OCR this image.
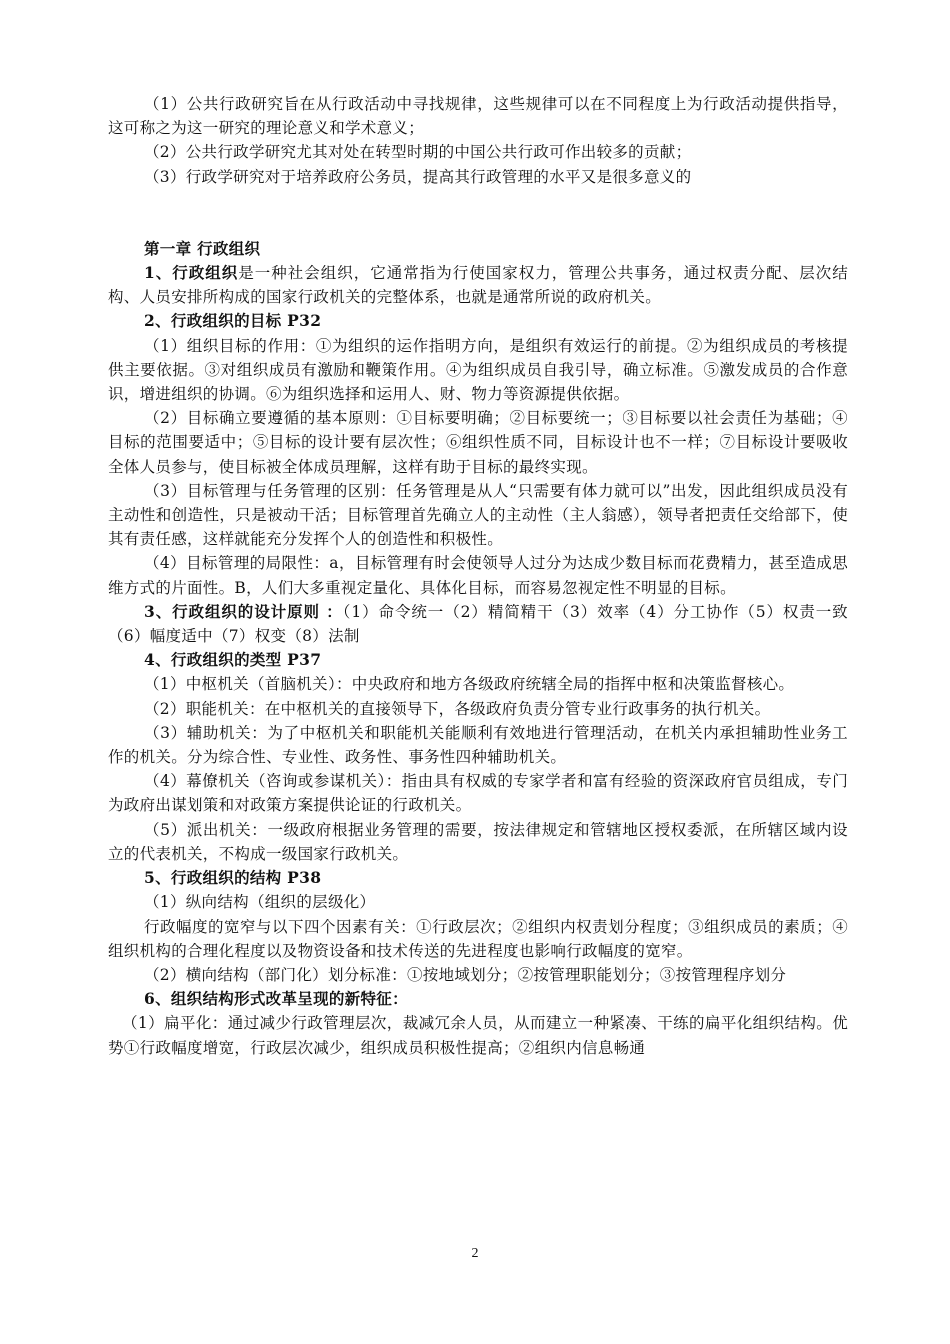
（1）公共行政研究旨在从行政活动中寻找规律，这些规律可以在不同程度上为行政活动提供指导，这可称之为这一研究的理论意义和学术意义；

（2）公共行政学研究尤其对处在转型时期的中国公共行政可作出较多的贡献；

（3）行政学研究对于培养政府公务员，提高其行政管理的水平又是很多意义的

第一章 行政组织

1、行政组织是一种社会组织，它通常指为行使国家权力，管理公共事务，通过权责分配、层次结构、人员安排所构成的国家行政机关的完整体系，也就是通常所说的政府机关。

2、行政组织的目标 P32

（1）组织目标的作用：①为组织的运作指明方向，是组织有效运行的前提。②为组织成员的考核提供主要依据。③对组织成员有激励和鞭策作用。④为组织成员自我引导，确立标准。⑤激发成员的合作意识，增进组织的协调。⑥为组织选择和运用人、财、物力等资源提供依据。

（2）目标确立要遵循的基本原则：①目标要明确；②目标要统一；③目标要以社会责任为基础；④目标的范围要适中；⑤目标的设计要有层次性；⑥组织性质不同，目标设计也不一样；⑦目标设计要吸收全体人员参与，使目标被全体成员理解，这样有助于目标的最终实现。

（3）目标管理与任务管理的区别：任务管理是从人“只需要有体力就可以”出发，因此组织成员没有主动性和创造性，只是被动干活；目标管理首先确立人的主动性（主人翁感），领导者把责任交给部下，使其有责任感，这样就能充分发挥个人的创造性和积极性。

（4）目标管理的局限性：a，目标管理有时会使领导人过分为达成少数目标而花费精力，甚至造成思维方式的片面性。B，人们大多重视定量化、具体化目标，而容易忽视定性不明显的目标。

3、行政组织的设计原则 ：（1）命令统一（2）精简精干（3）效率（4）分工协作（5）权责一致（6）幅度适中（7）权变（8）法制

4、行政组织的类型 P37

（1）中枢机关（首脑机关）：中央政府和地方各级政府统辖全局的指挥中枢和决策监督核心。

（2）职能机关：在中枢机关的直接领导下，各级政府负责分管专业行政事务的执行机关。

（3）辅助机关：为了中枢机关和职能机关能顺利有效地进行管理活动，在机关内承担辅助性业务工作的机关。分为综合性、专业性、政务性、事务性四种辅助机关。

（4）幕僚机关（咨询或参谋机关）：指由具有权威的专家学者和富有经验的资深政府官员组成，专门为政府出谋划策和对政策方案提供论证的行政机关。

（5）派出机关：一级政府根据业务管理的需要，按法律规定和管辖地区授权委派，在所辖区域内设立的代表机关，不构成一级国家行政机关。

5、行政组织的结构 P38

（1）纵向结构（组织的层级化）

行政幅度的宽窄与以下四个因素有关：①行政层次；②组织内权责划分程度；③组织成员的素质；④组织机构的合理化程度以及物资设备和技术传送的先进程度也影响行政幅度的宽窄。

（2）横向结构（部门化）划分标准：①按地域划分；②按管理职能划分；③按管理程序划分

6、组织结构形式改革呈现的新特征：

（1）扁平化：通过减少行政管理层次，裁减冗余人员，从而建立一种紧凑、干练的扁平化组织结构。优势①行政幅度增宽，行政层次减少，组织成员积极性提高；②组织内信息畅通

2
